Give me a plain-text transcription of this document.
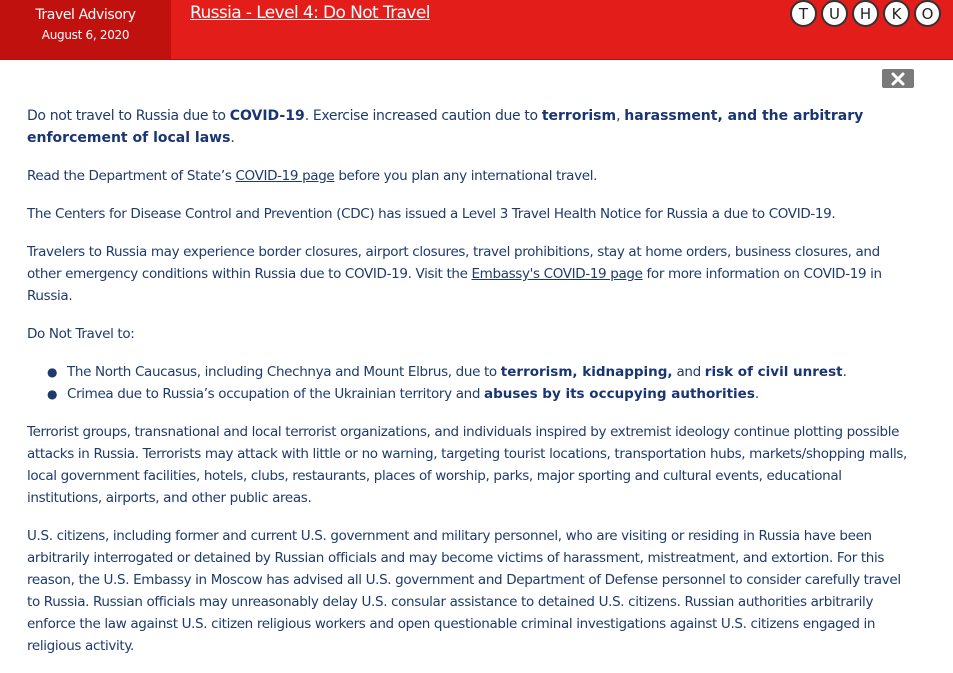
Travel Advisory
August 6, 2020
Russia - Level 4: Do Not Travel	T	U	H	K	O

Do not travel to Russia due to COVID-19. Exercise increased caution due to terrorism, harassment, and the arbitrary enforcement of local laws.

Read the Department of State’s COVID-19 page before you plan any international travel.

The Centers for Disease Control and Prevention (CDC) has issued a Level 3 Travel Health Notice for Russia a due to COVID-19.

Travelers to Russia may experience border closures, airport closures, travel prohibitions, stay at home orders, business closures, and other emergency conditions within Russia due to COVID-19. Visit the Embassy's COVID-19 page for more information on COVID-19 in Russia.

Do Not Travel to:

● The North Caucasus, including Chechnya and Mount Elbrus, due to terrorism, kidnapping, and risk of civil unrest.
● Crimea due to Russia’s occupation of the Ukrainian territory and abuses by its occupying authorities.

Terrorist groups, transnational and local terrorist organizations, and individuals inspired by extremist ideology continue plotting possible attacks in Russia. Terrorists may attack with little or no warning, targeting tourist locations, transportation hubs, markets/shopping malls, local government facilities, hotels, clubs, restaurants, places of worship, parks, major sporting and cultural events, educational institutions, airports, and other public areas.

U.S. citizens, including former and current U.S. government and military personnel, who are visiting or residing in Russia have been arbitrarily interrogated or detained by Russian officials and may become victims of harassment, mistreatment, and extortion. For this reason, the U.S. Embassy in Moscow has advised all U.S. government and Department of Defense personnel to consider carefully travel to Russia. Russian officials may unreasonably delay U.S. consular assistance to detained U.S. citizens. Russian authorities arbitrarily enforce the law against U.S. citizen religious workers and open questionable criminal investigations against U.S. citizens engaged in religious activity.
